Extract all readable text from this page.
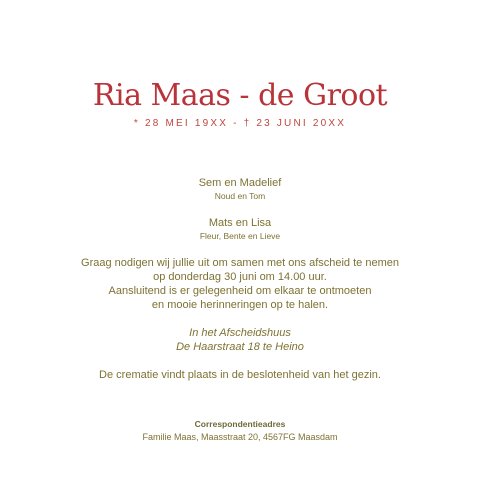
Ria Maas - de Groot
* 28 MEI 19XX - † 23 JUNI 20XX
Sem en Madelief
Noud en Tom
Mats en Lisa
Fleur, Bente en Lieve
Graag nodigen wij jullie uit om samen met ons afscheid te nemen
op donderdag 30 juni om 14.00 uur.
Aansluitend is er gelegenheid om elkaar te ontmoeten
en mooie herinneringen op te halen.
In het Afscheidshuus
De Haarstraat 18 te Heino
De crematie vindt plaats in de beslotenheid van het gezin.
Correspondentieadres
Familie Maas, Maasstraat 20, 4567FG Maasdam
